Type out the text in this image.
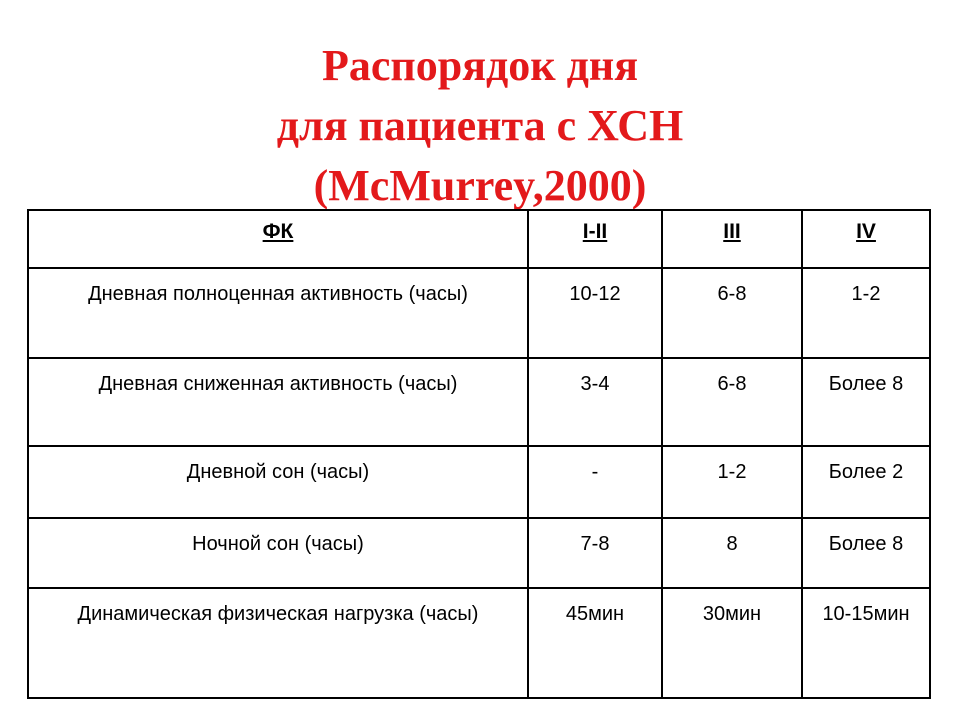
Распорядок дня
для пациента с ХСН
(McMurrey,2000)
ФК	I-II	III	IV
Дневная полноценная активность (часы)	10-12	6-8	1-2
Дневная сниженная активность (часы)	3-4	6-8	Более 8
Дневной сон (часы)	-	1-2	Более 2
Ночной сон (часы)	7-8	8	Более 8
Динамическая физическая нагрузка (часы)	45мин	30мин	10-15мин
